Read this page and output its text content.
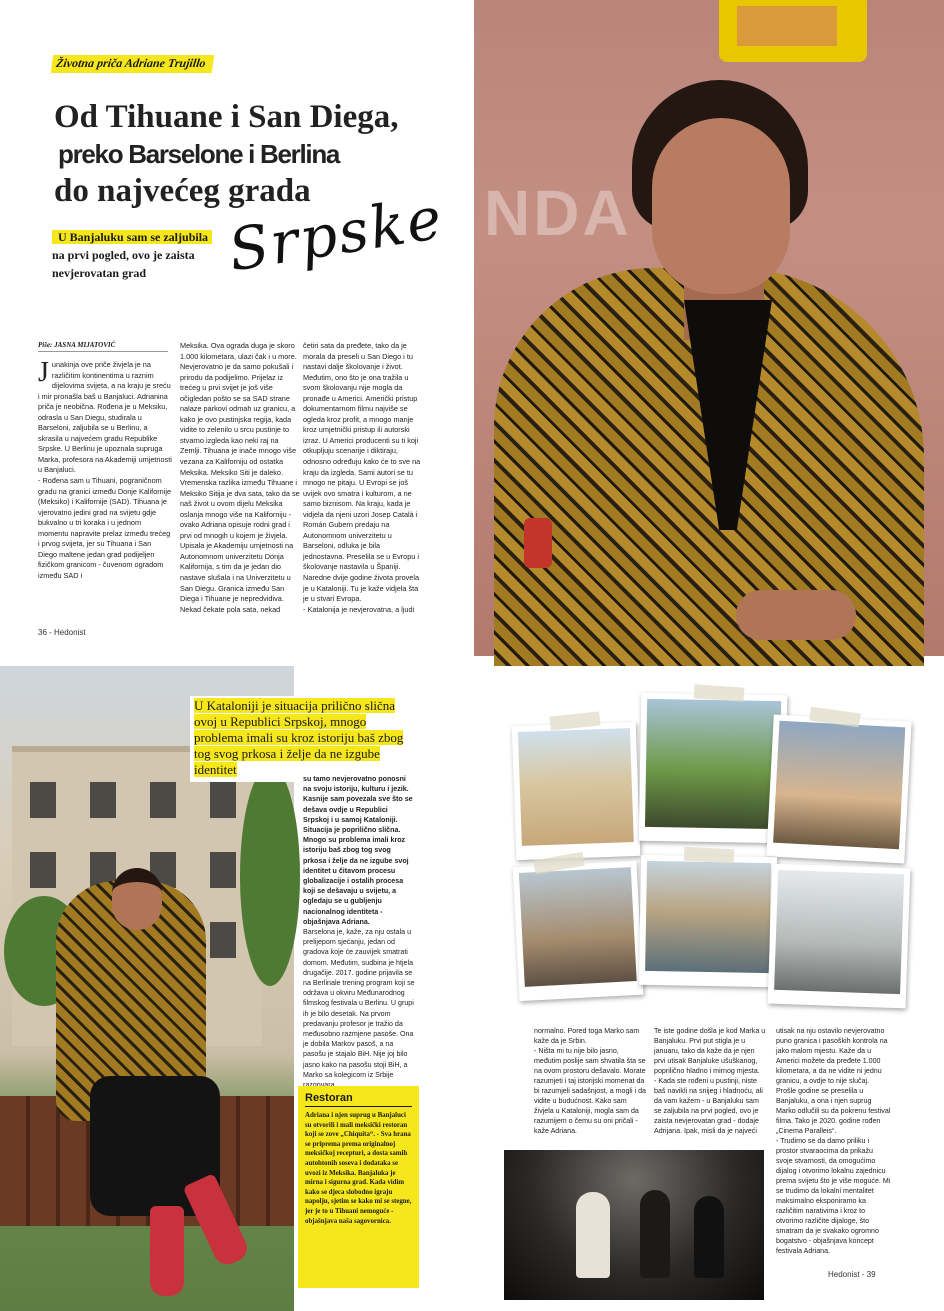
Životna priča Adriane Trujillo
Od Tihuane i San Diega,
preko Barselone i Berlina
do najvećeg grada
Srpske
U Banjaluku sam se zaljubila
na prvi pogled, ovo je zaista nevjerovatan grad
Piše: JASNA MIJATOVIĆ
Junakinja ove priče živjela je na različitim kontinentima u raznim dijelovima svijeta, a na kraju je sreću i mir pronašla baš u Banjaluci. Adrianina priča je neobična. Rođena je u Meksiku, odrasla u San Diegu, studirala u Barseloni, zaljubila se u Berlinu, a skrasila u najvećem gradu Republike Srpske. U Berlinu je upoznala supruga Marka, profesora na Akademiji umjetnosti u Banjaluci.
- Rođena sam u Tihuani, pograničnom gradu na granici između Donje Kalifornije (Meksiko) i Kalifornije (SAD). Tihuana je vjerovatno jedini grad na svijetu gdje bukvalno u tri koraka i u jednom momentu napravite prelaz između trećeg i prvog svijeta, jer su Tihuana i San Diego maltene jedan grad podijeljen fizičkom granicom - čuvenom ogradom između SAD i
Meksika. Ova ograda duga je skoro 1.000 kilometara, ulazi čak i u more. Nevjerovatno je da samo pokušali i prirodu da podijelimo. Prijelaz iz trećeg u prvi svijet je još više očigledan pošto se sa SAD strane nalaze parkovi odmah uz granicu, a kako je ovo pustinjska regija, kada vidite to zelenilo u srcu pustinje to stvarno izgleda kao neki raj na Zemlji. Tihuana je inače mnogo više vezana za Kaliforniju od ostatka Meksika. Meksiko Siti je daleko. Vremenska razlika između Tihuane i Meksiko Sitija je dva sata, tako da se naš život u ovom dijelu Meksika oslanja mnogo više na Kaliforniju - ovako Adriana opisuje rodni grad i prvi od mnogih u kojem je živjela.
Upisala je Akademiju umjetnosti na Autonomnom univerzitetu Donja Kalifornija, s tim da je jedan dio nastave slušala i na Univerzitetu u San Diegu. Granica između San Diega i Tihuane je nepredvidiva. Nekad čekate pola sata, nekad
četiri sata da pređete, tako da je morala da preseli u San Diego i tu nastavi dalje školovanje i život. Međutim, ono što je ona tražila u svom školovanju nije mogla da pronađe u Americi. Američki pristup dokumentarnom filmu najviše se ogleda kroz profit, a mnogo manje kroz umjetnički pristup ili autorski izraz. U Americi producenti su ti koji otkupljuju scenarije i diktiraju, odnosno određuju kako će to sve na kraju da izgleda. Sami autori se tu mnogo ne pitaju. U Evropi se još uvijek ovo smatra i kulturom, a ne samo biznisom. Na kraju, kada je vidjela da njeni uzori Josep Català i Román Gubern predaju na Autonomnom univerzitetu u Barseloni, odluka je bila jednostavna. Preselila se u Evropu i školovanje nastavila u Španiji. Naredne dvije godine života provela je u Kataloniji. Tu je kaže vidjela šta je u stvari Evropa.
- Katalonija je nevjerovatna, a ljudi
36 - Hedonist
NDA
U Kataloniji je situacija prilično slična ovoj u Republici Srpskoj, mnogo problema imali su kroz istoriju baš zbog tog svog prkosa i želje da ne izgube identitet
su tamo nevjerovatno ponosni na svoju istoriju, kulturu i jezik. Kasnije sam povezala sve što se dešava ovdje u Republici Srpskoj i u samoj Kataloniji. Situacija je poprilično slična. Mnogo su problema imali kroz istoriju baš zbog tog svog prkosa i želje da ne izgube svoj identitet u čitavom procesu globalizacije i ostalih procesa koji se dešavaju u svijetu, a ogledaju se u gubljenju nacionalnog identiteta - objašnjava Adriana.
Barselona je, kaže, za nju ostala u prelijepom sjećanju, jedan od gradova koje će zauvijek smatrati domom. Međutim, sudbina je htjela drugačije. 2017. godine prijavila se na Berlinale trening program koji se održava u okviru Međunarodnog filmskog festivala u Berlinu. U grupi ih je bilo desetak. Na prvom predavanju profesor je tražio da međusobno razmjene pasoše. Ona je dobila Markov pasoš, a na pasošu je stajalo BiH. Nije joj bilo jasno kako na pasošu stoji BiH, a Marko sa kolegicom iz Srbije
Restoran
Adriana i njen suprug u Banjaluci su otvorili i mali meksički restoran koji se zove „Chiquita“. - Sva hrana se priprema prema originalnoj meksičkoj recepturi, a dosta samih autohtonih soseva i dodataka se uvozi iz Meksika. Banjaluka je mirna i sigurna grad. Kada vidim kako se djeca slobodno igraju napolju, sjetim se kako mi se stegne, jer je to u Tihuani nemoguće - objašnjava naša sagovornica.
normalno. Pored toga Marko sam kaže da je Srbin.
- Ništa mi tu nije bilo jasno, međutim poslije sam shvatila šta se na ovom prostoru dešavalo. Morate razumjeti i taj istorijski momenat da bi razumjeli sadašnjost, a mogli i da vidite u budućnost. Kako sam živjela u Kataloniji, mogla sam da razumijem o čemu su oni pričali - kaže Adriana.
Te iste godine došla je kod Marka u Banjaluku. Prvi put stigla je u januaru, tako da kaže da je njen prvi utisak Banjaluke ušuškanog, poprilično hladno i mirnog mjesta.
- Kada ste rođeni u pustinji, niste baš navikli na snijeg i hladnoću, ali da vam kažem - u Banjaluku sam se zaljubila na prvi pogled, ovo je zaista nevjerovatan grad - dodaje Adrijana. Ipak, misli da je najveći
utisak na nju ostavilo nevjerovatno puno granica i pasoških kontrola na jako malom mjestu. Kaže da u Americi možete da pređete 1.000 kilometara, a da ne vidite ni jednu granicu, a ovdje to nije slučaj. Prošle godine se preselila u Banjaluku, a ona i njen suprug Marko odlučili su da pokrenu festival filma. Tako je 2020. godine rođen „Cinema Paralleis“.
- Trudimo se da damo priliku i prostor stvaraocima da prikažu svoje stvarnosti, da omogućimo dijalog i otvorimo lokalnu zajednicu prema svijetu što je više moguće. Mi se trudimo da lokalni mentalitet maksimalno eksponiramo ka različitim narativima i kroz to otvorimo različite dijaloge, što smatram da je svakako ogromno bogatstvo - objašnjava koncept festivala Adriana.
Hedonist - 39
